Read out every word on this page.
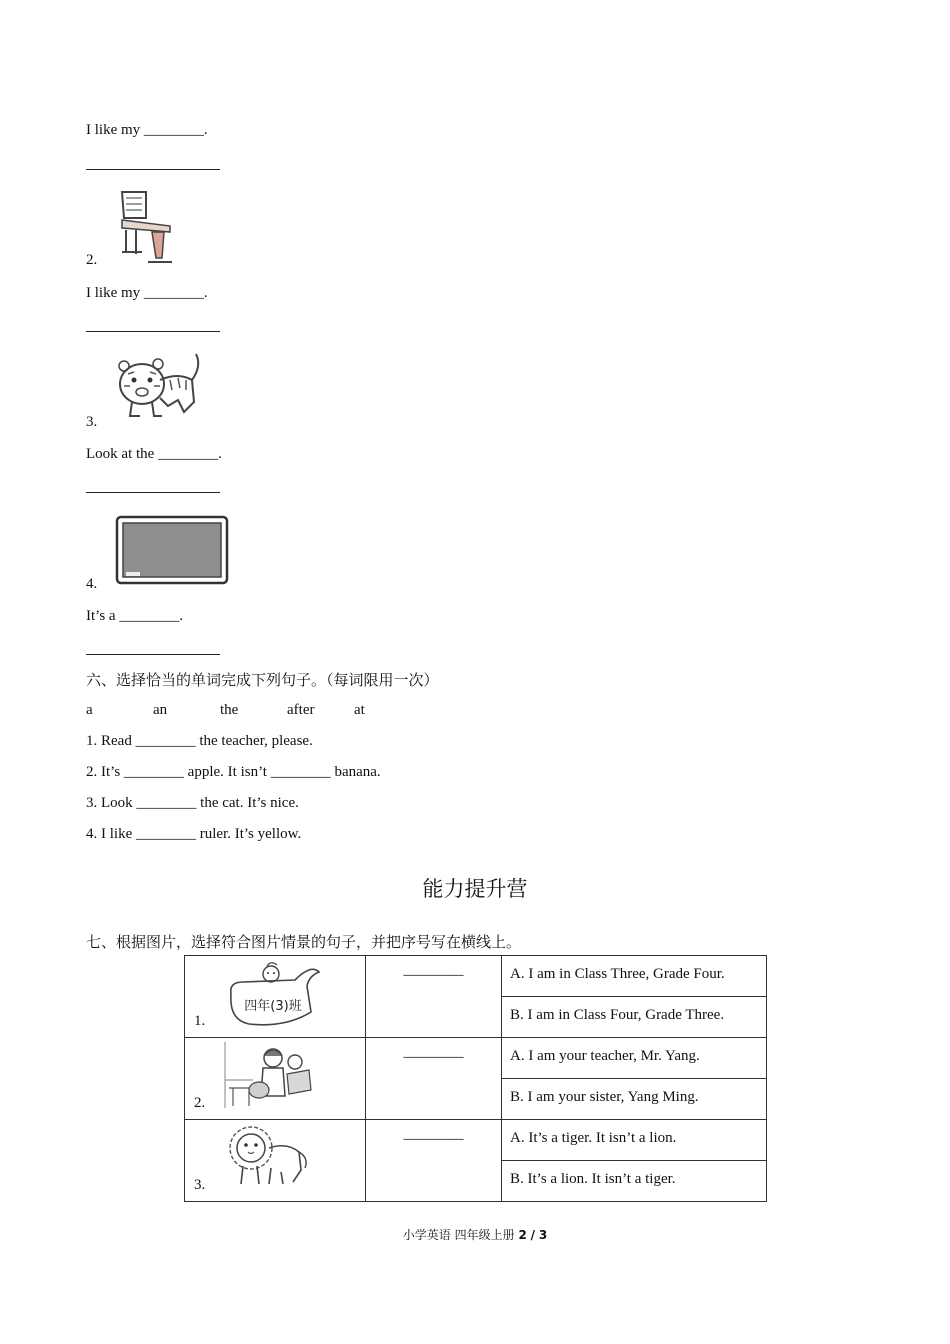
I like my ________.
2.
I like my ________.
3.
Look at the ________.
4.
It’s a ________.
六、选择恰当的单词完成下列句子。（每词限用一次）
a	an	the	after	at
1. Read ________ the teacher, please.
2. It’s ________ apple. It isn’t ________ banana.
3. Look ________ the cat. It’s nice.
4. I like ________ ruler. It’s yellow.
能力提升营
七、根据图片，选择符合图片情景的句子，并把序号写在横线上。
四年(3)班
1.	________	A. I am in Class Three, Grade Four.

		B. I am in Class Four, Grade Three.

2.	________	A. I am your teacher, Mr. Yang.

		B. I am your sister, Yang Ming.

3.	________	A. It’s a tiger. It isn’t a lion.

		B. It’s a lion. It isn’t a tiger.
小学英语 四年级上册 2 / 3
